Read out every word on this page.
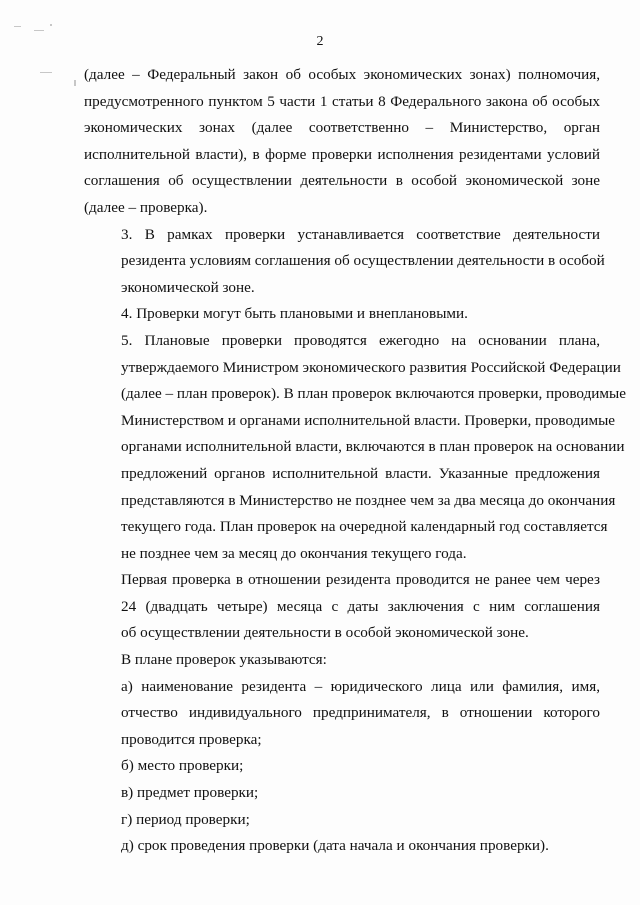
2

(далее – Федеральный закон об особых экономических зонах) полномочия,
предусмотренного пунктом 5 части 1 статьи 8 Федерального закона об особых
экономических зонах (далее соответственно – Министерство, орган
исполнительной власти), в форме проверки исполнения резидентами условий
соглашения об осуществлении деятельности в особой экономической зоне
(далее – проверка).

3. В рамках проверки устанавливается соответствие деятельности
резидента условиям соглашения об осуществлении деятельности в особой
экономической зоне.

4. Проверки могут быть плановыми и внеплановыми.

5. Плановые проверки проводятся ежегодно на основании плана,
утверждаемого Министром экономического развития Российской Федерации
(далее – план проверок). В план проверок включаются проверки, проводимые
Министерством и органами исполнительной власти. Проверки, проводимые
органами исполнительной власти, включаются в план проверок на основании
предложений органов исполнительной власти. Указанные предложения
представляются в Министерство не позднее чем за два месяца до окончания
текущего года. План проверок на очередной календарный год составляется
не позднее чем за месяц до окончания текущего года.

Первая проверка в отношении резидента проводится не ранее чем через
24 (двадцать четыре) месяца с даты заключения с ним соглашения
об осуществлении деятельности в особой экономической зоне.

В плане проверок указываются:

а) наименование резидента – юридического лица или фамилия, имя,
отчество индивидуального предпринимателя, в отношении которого
проводится проверка;

б) место проверки;

в) предмет проверки;

г) период проверки;

д) срок проведения проверки (дата начала и окончания проверки).
